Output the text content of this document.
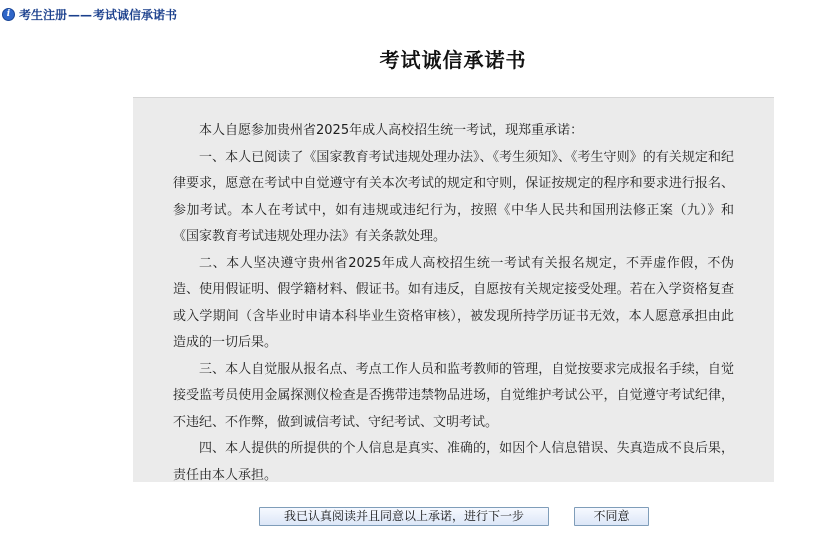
i 考生注册 —— 考试诚信承诺书
考试诚信承诺书

本人自愿参加贵州省2025年成人高校招生统一考试，现郑重承诺：

一、本人已阅读了《国家教育考试违规处理办法》、《考生须知》、《考生守则》的有关规定和纪律要求，愿意在考试中自觉遵守有关本次考试的规定和守则，保证按规定的程序和要求进行报名、参加考试。本人在考试中，如有违规或违纪行为，按照《中华人民共和国刑法修正案（九）》和《国家教育考试违规处理办法》有关条款处理。

二、本人坚决遵守贵州省2025年成人高校招生统一考试有关报名规定，不弄虚作假，不伪造、使用假证明、假学籍材料、假证书。如有违反，自愿按有关规定接受处理。若在入学资格复查或入学期间（含毕业时申请本科毕业生资格审核），被发现所持学历证书无效，本人愿意承担由此造成的一切后果。

三、本人自觉服从报名点、考点工作人员和监考教师的管理，自觉按要求完成报名手续，自觉接受监考员使用金属探测仪检查是否携带违禁物品进场，自觉维护考试公平，自觉遵守考试纪律，不违纪、不作弊，做到诚信考试、守纪考试、文明考试。

四、本人提供的所提供的个人信息是真实、准确的，如因个人信息错误、失真造成不良后果，责任由本人承担。

我已认真阅读并且同意以上承诺，进行下一步	不同意
